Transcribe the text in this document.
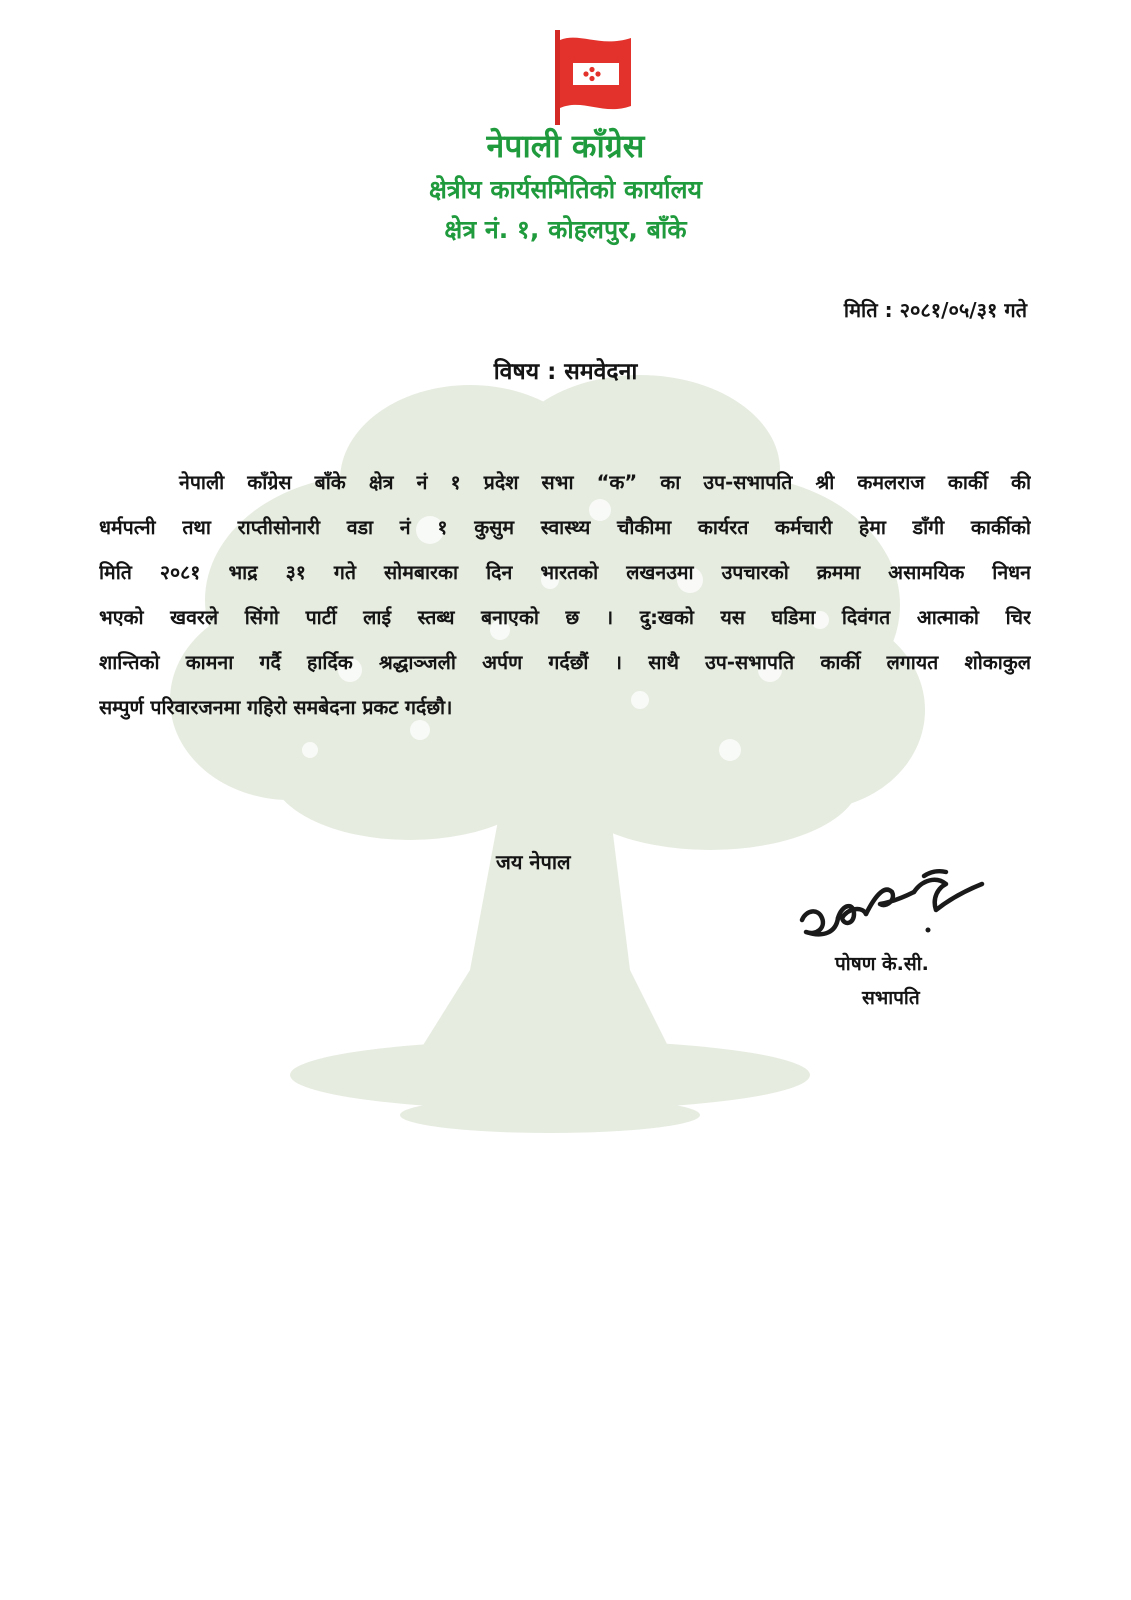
नेपाली काँग्रेस
क्षेत्रीय कार्यसमितिको कार्यालय
क्षेत्र नं. १, कोहलपुर, बाँके
मिति : २०८१/०५/३१ गते
विषय : समवेदना
नेपाली काँग्रेस बाँके क्षेत्र नं १ प्रदेश सभा “क” का उप-सभापति श्री कमलराज कार्की की
धर्मपत्नी तथा राप्तीसोनारी वडा नं १ कुसुम स्वास्थ्य चौकीमा कार्यरत कर्मचारी हेमा डाँगी कार्कीको
मिति २०८१ भाद्र ३१ गते सोमबारका दिन भारतको लखनउमा उपचारको क्रममा असामयिक निधन
भएको खवरले सिंगो पार्टी लाई स्तब्ध बनाएको छ । दु:खको यस घडिमा दिवंगत आत्माको चिर
शान्तिको कामना गर्दै हार्दिक श्रद्धाञ्जली अर्पण गर्दछौं । साथै उप-सभापति कार्की लगायत शोकाकुल
सम्पुर्ण परिवारजनमा गहिरो समबेदना प्रकट गर्दछौ।
जय नेपाल
पोषण के.सी.
सभापति
